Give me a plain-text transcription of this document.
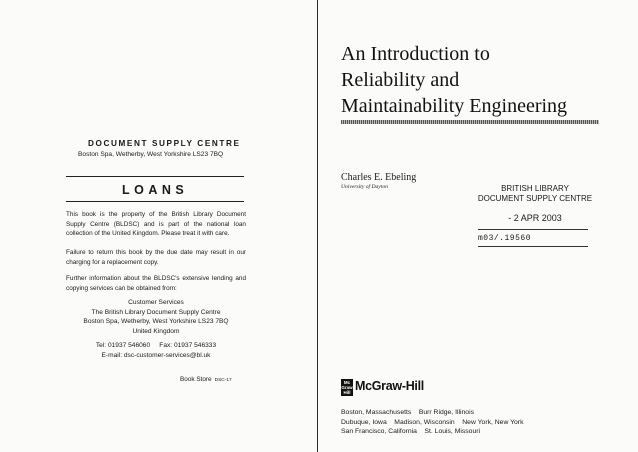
DOCUMENT SUPPLY CENTRE
Boston Spa, Wetherby, West Yorkshire LS23 7BQ
LOANS
This book is the property of the British Library Document Supply Centre (BLDSC) and is part of the national loan collection of the United Kingdom. Please treat it with care.
Failure to return this book by the due date may result in our charging for a replacement copy.
Further information about the BLDSC's extensive lending and copying services can be obtained from:
Customer Services
The British Library Document Supply Centre
Boston Spa, Wetherby, West Yorkshire LS23 7BQ
United Kingdom
Tel: 01937 546060     Fax: 01937 546333
E-mail: dsc-customer-services@bl.uk
Book Store DSC-17
An Introduction to
Reliability and
Maintainability Engineering
Charles E. Ebeling
University of Dayton	BRITISH LIBRARY
DOCUMENT SUPPLY CENTRE
- 2 APR 2003
m03/.19560
Mc
Graw
Hill McGraw-Hill
Boston, Massachusetts    Burr Ridge, Illinois
Dubuque, Iowa    Madison, Wisconsin    New York, New York
San Francisco, California    St. Louis, Missouri
